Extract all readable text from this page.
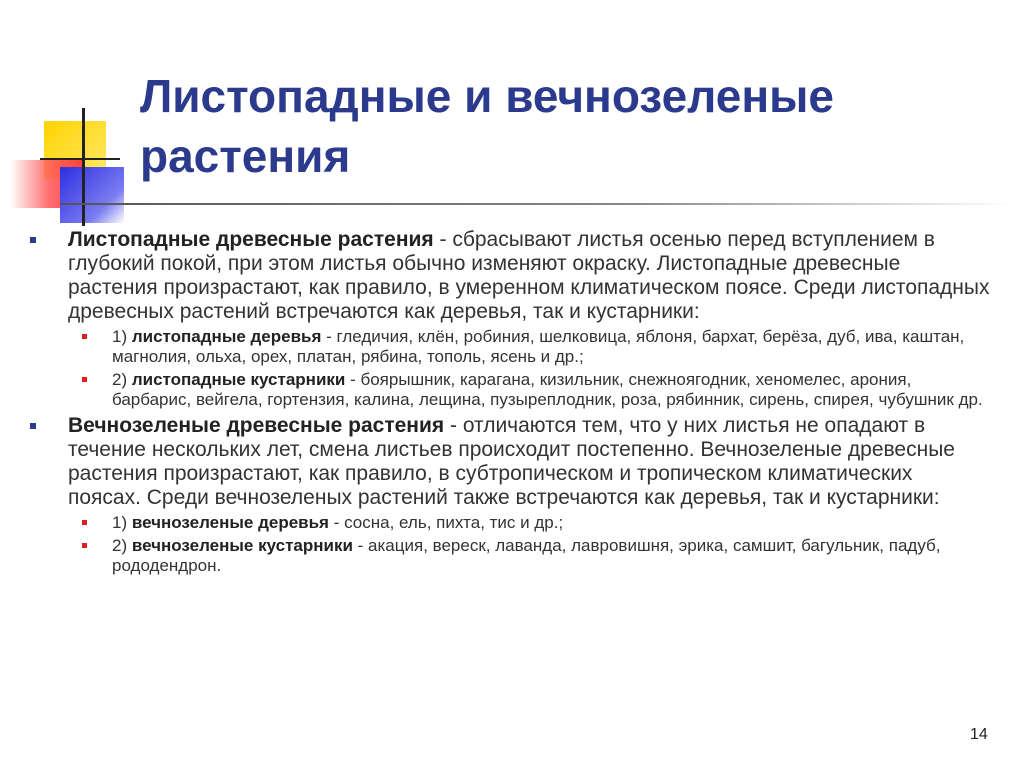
Листопадные и вечнозеленые растения
Листопадные древесные растения - сбрасывают листья осенью перед вступлением в глубокий покой, при этом листья обычно изменяют окраску. Листопадные древесные растения произрастают, как правило, в умеренном климатическом поясе. Среди листопадных древесных растений встречаются как деревья, так и кустарники:
1) листопадные деревья - гледичия, клён, робиния, шелковица, яблоня, бархат, берёза, дуб, ива, каштан, магнолия, ольха, орех, платан, рябина, тополь, ясень и др.;
2) листопадные кустарники - боярышник, карагана, кизильник, снежноягодник, хеномелес, арония, барбарис, вейгела, гортензия, калина, лещина, пузыреплодник, роза, рябинник, сирень, спирея, чубушник др.
Вечнозеленые древесные растения - отличаются тем, что у них листья не опадают в течение нескольких лет, смена листьев происходит постепенно. Вечнозеленые древесные растения произрастают, как правило, в субтропическом и тропическом климатических поясах. Среди вечнозеленых растений также встречаются как деревья, так и кустарники:
1) вечнозеленые деревья - сосна, ель, пихта, тис и др.;
2) вечнозеленые кустарники - акация, вереск, лаванда, лавровишня, эрика, самшит, багульник, падуб, рододендрон.
14
